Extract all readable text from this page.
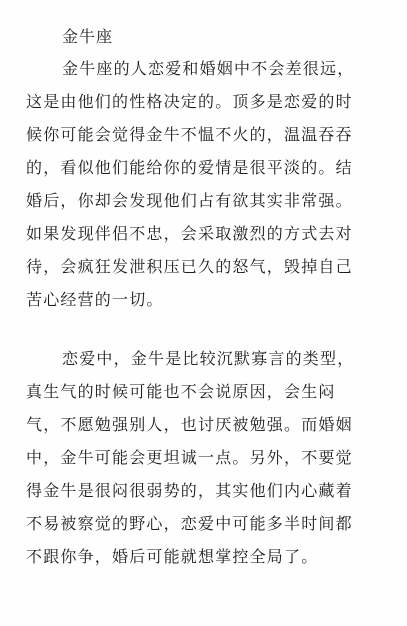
金牛座

金牛座的人恋爱和婚姻中不会差很远，
这是由他们的性格决定的。顶多是恋爱的时
候你可能会觉得金牛不愠不火的，温温吞吞
的，看似他们能给你的爱情是很平淡的。结
婚后，你却会发现他们占有欲其实非常强。
如果发现伴侣不忠，会采取激烈的方式去对
待，会疯狂发泄积压已久的怒气，毁掉自己
苦心经营的一切。

恋爱中，金牛是比较沉默寡言的类型，
真生气的时候可能也不会说原因，会生闷
气，不愿勉强别人，也讨厌被勉强。而婚姻
中，金牛可能会更坦诚一点。另外，不要觉
得金牛是很闷很弱势的，其实他们内心藏着
不易被察觉的野心，恋爱中可能多半时间都
不跟你争，婚后可能就想掌控全局了。
